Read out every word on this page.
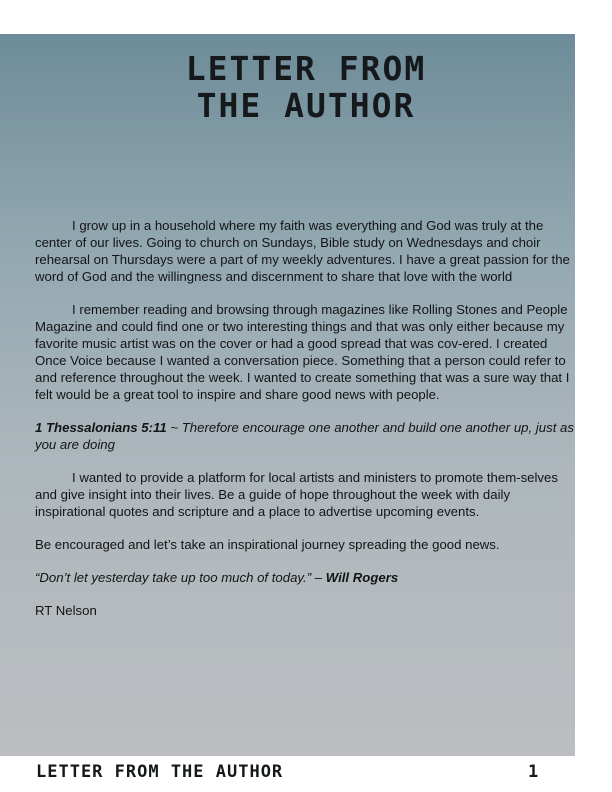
LETTER FROM
THE AUTHOR

I grow up in a household where my faith was everything and God was truly at the center of our lives. Going to church on Sundays, Bible study on Wednesdays and choir rehearsal on Thursdays were a part of my weekly adventures. I have a great passion for the word of God and the willingness and discernment to share that love with the world

I remember reading and browsing through magazines like Rolling Stones and People Magazine and could find one or two interesting things and that was only either because my favorite music artist was on the cover or had a good spread that was cov-ered. I created Once Voice because I wanted a conversation piece. Something that a person could refer to and reference throughout the week. I wanted to create something that was a sure way that I felt would be a great tool to inspire and share good news with people.

1 Thessalonians 5:11 ~ Therefore encourage one another and build one another up, just as you are doing

I wanted to provide a platform for local artists and ministers to promote them-selves and give insight into their lives. Be a guide of hope throughout the week with daily inspirational quotes and scripture and a place to advertise upcoming events.

Be encouraged and let’s take an inspirational journey spreading the good news.

“Don’t let yesterday take up too much of today.” – Will Rogers

RT Nelson

LETTER FROM THE AUTHOR	1
